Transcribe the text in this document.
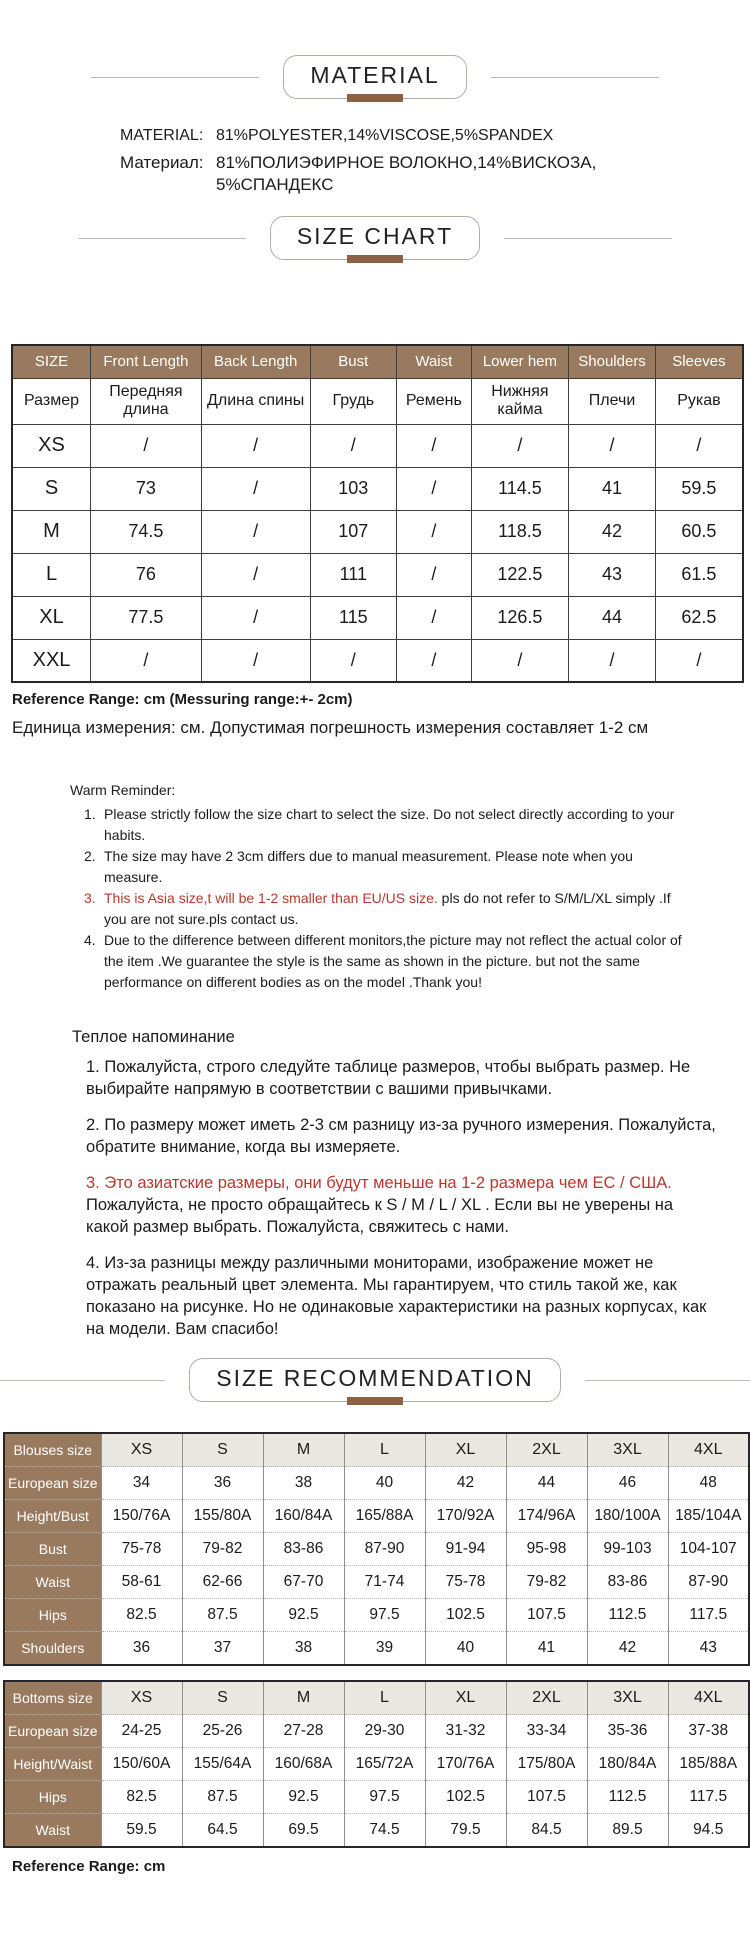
MATERIAL
MATERIAL: 81%POLYESTER,14%VISCOSE,5%SPANDEX
Материал: 81%ПОЛИЭФИРНОЕ ВОЛОКНО,14%ВИСКОЗА,
5%СПАНДЕКС
SIZE CHART
SIZE	Front Length	Back Length	Bust	Waist	Lower hem	Shoulders	Sleeves
Размер	Передняя длина	Длина спины	Грудь	Ремень	Нижняя кайма	Плечи	Рукав
XS	/	/	/	/	/	/	/
S	73	/	103	/	114.5	41	59.5
M	74.5	/	107	/	118.5	42	60.5
L	76	/	111	/	122.5	43	61.5
XL	77.5	/	115	/	126.5	44	62.5
XXL	/	/	/	/	/	/	/

Reference Range: cm (Messuring range:+- 2cm)

Единица измерения: см. Допустимая погрешность измерения составляет 1-2 см

Warm Reminder:
1. Please strictly follow the size chart to select the size. Do not select directly according to your habits.
2. The size may have 2 3cm differs due to manual measurement. Please note when you measure.
3. This is Asia size,t will be 1-2 smaller than EU/US size. pls do not refer to S/M/L/XL simply .If you are not sure.pls contact us.
4. Due to the difference between different monitors,the picture may not reflect the actual color of the item .We guarantee the style is the same as shown in the picture. but not the same performance on different bodies as on the model .Thank you!
Теплое напоминание

1. Пожалуйста, строго следуйте таблице размеров, чтобы выбрать размер. Не выбирайте напрямую в соответствии с вашими привычками.

2. По размеру может иметь 2-3 см разницу из-за ручного измерения. Пожалуйста, обратите внимание, когда вы измеряете.

3. Это азиатские размеры, они будут меньше на 1-2 размера чем ЕС / США.
Пожалуйста, не просто обращайтесь к S / M / L / XL . Если вы не уверены на какой размер выбрать. Пожалуйста, свяжитесь с нами.

4. Из-за разницы между различными мониторами, изображение может не отражать реальный цвет элемента. Мы гарантируем, что стиль такой же, как показано на рисунке. Но не одинаковые характеристики на разных корпусах, как на модели. Вам спасибо!

SIZE RECOMMENDATION
Blouses size	XS	S	M	L	XL	2XL	3XL	4XL
European size	34	36	38	40	42	44	46	48
Height/Bust	150/76A	155/80A	160/84A	165/88A	170/92A	174/96A	180/100A	185/104A
Bust	75-78	79-82	83-86	87-90	91-94	95-98	99-103	104-107
Waist	58-61	62-66	67-70	71-74	75-78	79-82	83-86	87-90
Hips	82.5	87.5	92.5	97.5	102.5	107.5	112.5	117.5
Shoulders	36	37	38	39	40	41	42	43
Bottoms size	XS	S	M	L	XL	2XL	3XL	4XL
European size	24-25	25-26	27-28	29-30	31-32	33-34	35-36	37-38
Height/Waist	150/60A	155/64A	160/68A	165/72A	170/76A	175/80A	180/84A	185/88A
Hips	82.5	87.5	92.5	97.5	102.5	107.5	112.5	117.5
Waist	59.5	64.5	69.5	74.5	79.5	84.5	89.5	94.5

Reference Range: cm
